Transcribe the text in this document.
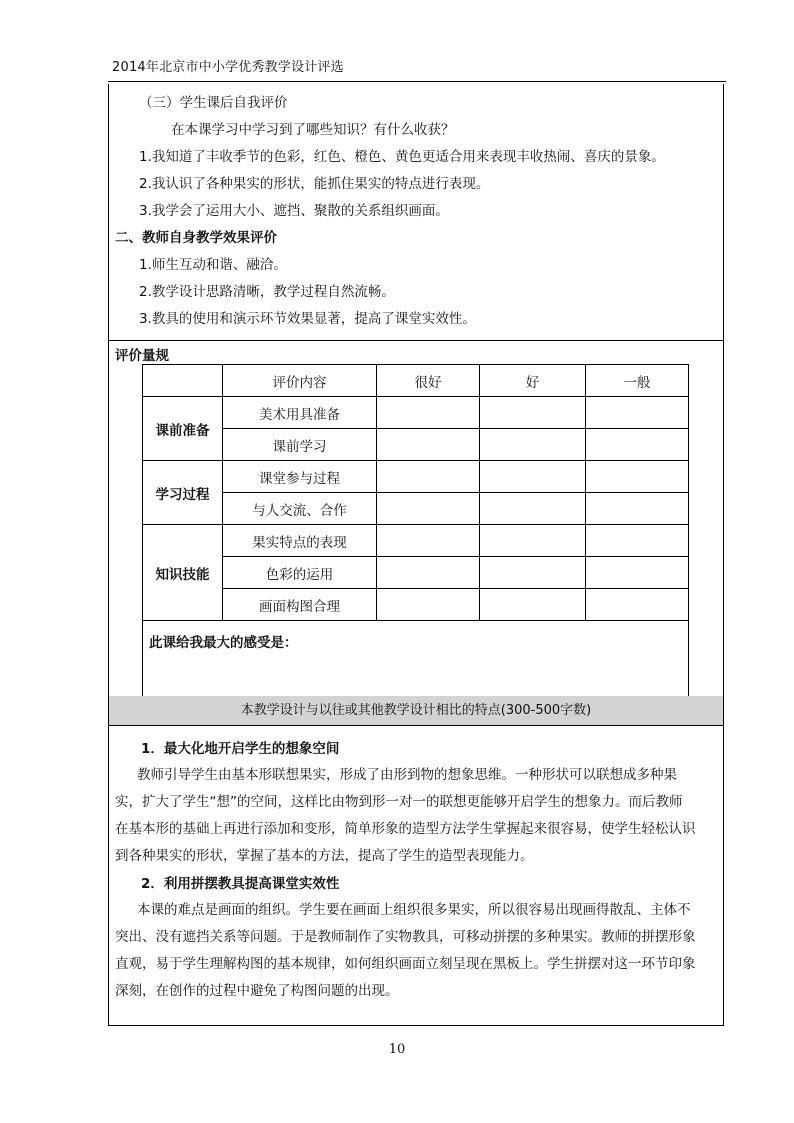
2014年北京市中小学优秀教学设计评选
（三）学生课后自我评价
在本课学习中学习到了哪些知识？有什么收获？
1.我知道了丰收季节的色彩，红色、橙色、黄色更适合用来表现丰收热闹、喜庆的景象。
2.我认识了各种果实的形状，能抓住果实的特点进行表现。
3.我学会了运用大小、遮挡、聚散的关系组织画面。
二、教师自身教学效果评价
1.师生互动和谐、融洽。
2.教学设计思路清晰，教学过程自然流畅。
3.教具的使用和演示环节效果显著，提高了课堂实效性。
评价量规
	评价内容	很好	好	一般
课前准备	美术用具准备			
	课前学习			
学习过程	课堂参与过程			
	与人交流、合作			
知识技能	果实特点的表现			
	色彩的运用			
	画面构图合理			
此课给我最大的感受是：				
本教学设计与以往或其他教学设计相比的特点(300-500字数)
1．最大化地开启学生的想象空间
教师引导学生由基本形联想果实，形成了由形到物的想象思维。一种形状可以联想成多种果
实，扩大了学生“想”的空间，这样比由物到形一对一的联想更能够开启学生的想象力。而后教师
在基本形的基础上再进行添加和变形，简单形象的造型方法学生掌握起来很容易，使学生轻松认识
到各种果实的形状，掌握了基本的方法，提高了学生的造型表现能力。
2．利用拼摆教具提高课堂实效性
本课的难点是画面的组织。学生要在画面上组织很多果实，所以很容易出现画得散乱、主体不
突出、没有遮挡关系等问题。于是教师制作了实物教具，可移动拼摆的多种果实。教师的拼摆形象
直观，易于学生理解构图的基本规律，如何组织画面立刻呈现在黑板上。学生拼摆对这一环节印象
深刻，在创作的过程中避免了构图问题的出现。
10
